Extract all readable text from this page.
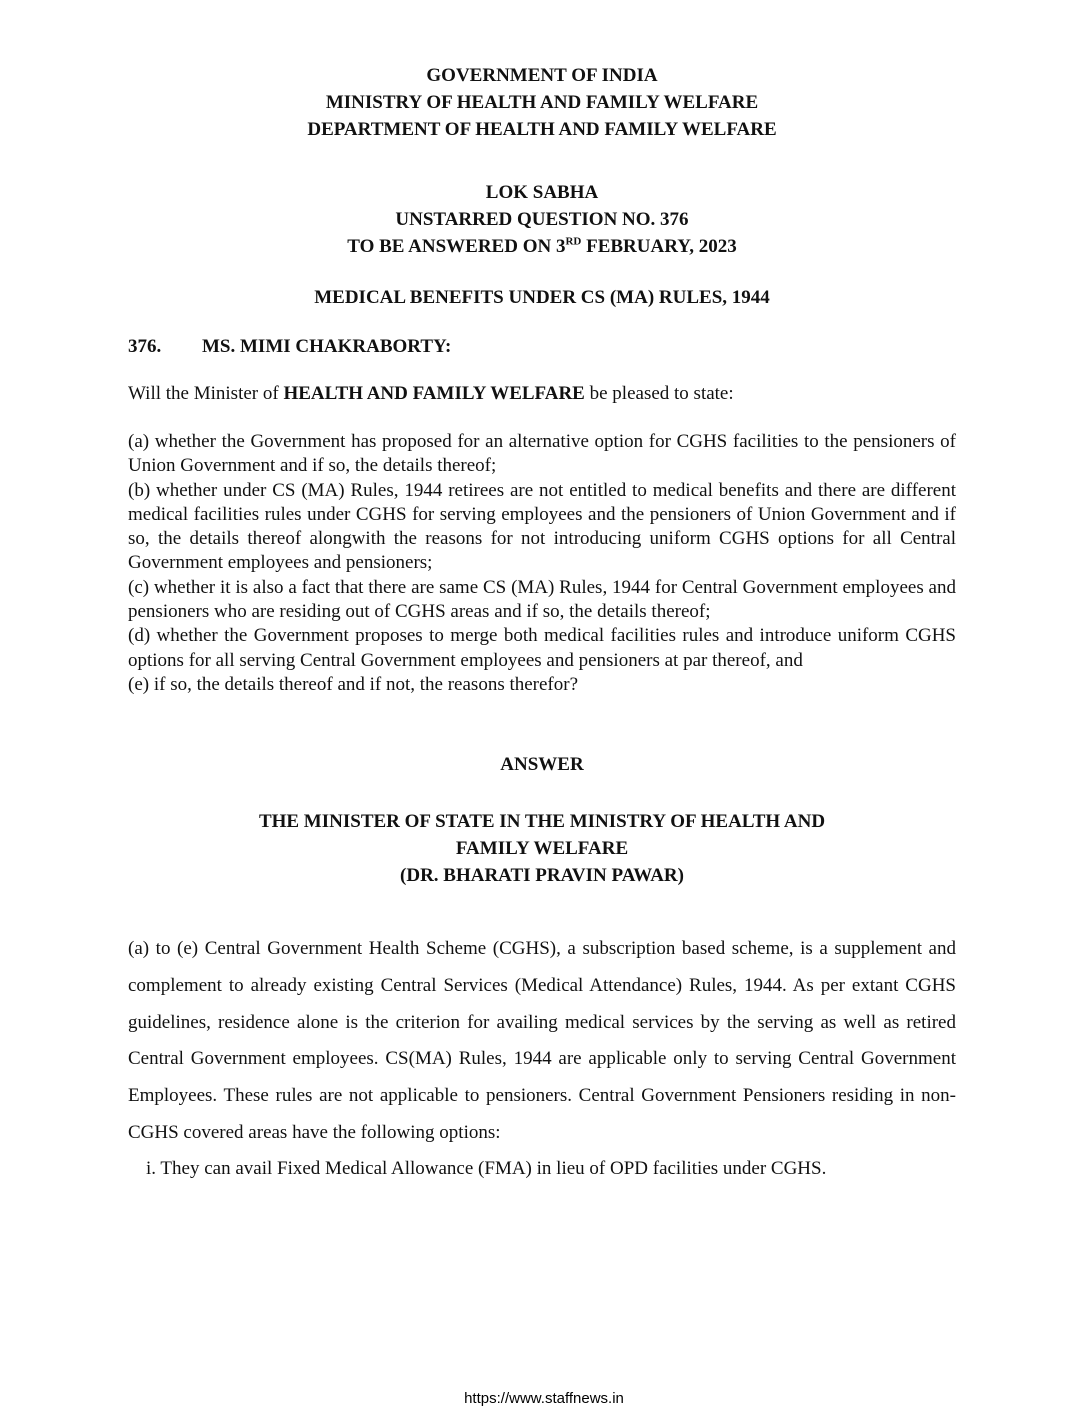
GOVERNMENT OF INDIA
MINISTRY OF HEALTH AND FAMILY WELFARE
DEPARTMENT OF HEALTH AND FAMILY WELFARE
LOK SABHA
UNSTARRED QUESTION NO. 376
TO BE ANSWERED ON 3RD FEBRUARY, 2023
MEDICAL BENEFITS UNDER CS (MA) RULES, 1944
376. MS. MIMI CHAKRABORTY:
Will the Minister of HEALTH AND FAMILY WELFARE be pleased to state:

(a) whether the Government has proposed for an alternative option for CGHS facilities to the pensioners of Union Government and if so, the details thereof;

(b) whether under CS (MA) Rules, 1944 retirees are not entitled to medical benefits and there are different medical facilities rules under CGHS for serving employees and the pensioners of Union Government and if so, the details thereof alongwith the reasons for not introducing uniform CGHS options for all Central Government employees and pensioners;

(c) whether it is also a fact that there are same CS (MA) Rules, 1944 for Central Government employees and pensioners who are residing out of CGHS areas and if so, the details thereof;

(d) whether the Government proposes to merge both medical facilities rules and introduce uniform CGHS options for all serving Central Government employees and pensioners at par thereof, and

(e) if so, the details thereof and if not, the reasons therefor?

ANSWER
THE MINISTER OF STATE IN THE MINISTRY OF HEALTH AND
FAMILY WELFARE
(DR. BHARATI PRAVIN PAWAR)

(a) to (e) Central Government Health Scheme (CGHS), a subscription based scheme, is a supplement and complement to already existing Central Services (Medical Attendance) Rules, 1944. As per extant CGHS guidelines, residence alone is the criterion for availing medical services by the serving as well as retired Central Government employees. CS(MA) Rules, 1944 are applicable only to serving Central Government Employees. These rules are not applicable to pensioners. Central Government Pensioners residing in non-CGHS covered areas have the following options:

i. They can avail Fixed Medical Allowance (FMA) in lieu of OPD facilities under CGHS.
https://www.staffnews.in
